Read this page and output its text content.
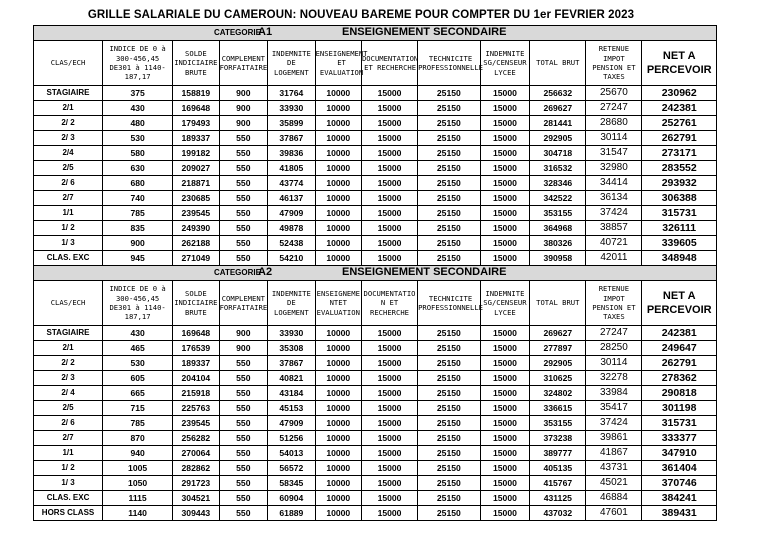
GRILLE SALARIALE DU CAMEROUN: NOUVEAU BAREME POUR COMPTER DU 1er FEVRIER 2023
CATEGORIE
A1 ENSEIGNEMENT SECONDAIRE											

CLAS/ECH	INDICE DE 0 à 300-456,45 DE301 à 1140- 187,17	SOLDE INDICIAIRE BRUTE	COMPLEMENT FORFAITAIRE	INDEMNITE DE LOGEMENT	ENSEIGNEMENT ET EVALUATION	DOCUMENTATION ET RECHERCHE	TECHNICITE PROFESSIONNELLE	INDEMNITE SG/CENSEUR LYCEE	TOTAL BRUT	RETENUE IMPOT PENSION ET TAXES	NET A PERCEVOIR
STAGIAIRE	375	158819	900	31764	10000	15000	25150	15000	256632	25670	230962
2/1	430	169648	900	33930	10000	15000	25150	15000	269627	27247	242381
2/ 2	480	179493	900	35899	10000	15000	25150	15000	281441	28680	252761
2/ 3	530	189337	550	37867	10000	15000	25150	15000	292905	30114	262791
2/4	580	199182	550	39836	10000	15000	25150	15000	304718	31547	273171
2/5	630	209027	550	41805	10000	15000	25150	15000	316532	32980	283552
2/ 6	680	218871	550	43774	10000	15000	25150	15000	328346	34414	293932
2/7	740	230685	550	46137	10000	15000	25150	15000	342522	36134	306388
1/1	785	239545	550	47909	10000	15000	25150	15000	353155	37424	315731
1/ 2	835	249390	550	49878	10000	15000	25150	15000	364968	38857	326111
1/ 3	900	262188	550	52438	10000	15000	25150	15000	380326	40721	339605
CLAS. EXC	945	271049	550	54210	10000	15000	25150	15000	390958	42011	348948

CATEGORIE
A2 ENSEIGNEMENT SECONDAIRE											

CLAS/ECH	INDICE DE 0 à 300-456,45 DE301 à 1140- 187,17	SOLDE INDICIAIRE BRUTE	COMPLEMENT FORFAITAIRE	INDEMNITE DE LOGEMENT	ENSEIGNEME NTET EVALUATION	DOCUMENTATIO N ET RECHERCHE	TECHNICITE PROFESSIONNELLE	INDEMNITE SG/CENSEUR LYCEE	TOTAL BRUT	RETENUE IMPOT PENSION ET TAXES	NET A PERCEVOIR
STAGIAIRE	430	169648	900	33930	10000	15000	25150	15000	269627	27247	242381
2/1	465	176539	900	35308	10000	15000	25150	15000	277897	28250	249647
2/ 2	530	189337	550	37867	10000	15000	25150	15000	292905	30114	262791
2/ 3	605	204104	550	40821	10000	15000	25150	15000	310625	32278	278362
2/ 4	665	215918	550	43184	10000	15000	25150	15000	324802	33984	290818
2/5	715	225763	550	45153	10000	15000	25150	15000	336615	35417	301198
2/ 6	785	239545	550	47909	10000	15000	25150	15000	353155	37424	315731
2/7	870	256282	550	51256	10000	15000	25150	15000	373238	39861	333377
1/1	940	270064	550	54013	10000	15000	25150	15000	389777	41867	347910
1/ 2	1005	282862	550	56572	10000	15000	25150	15000	405135	43731	361404
1/ 3	1050	291723	550	58345	10000	15000	25150	15000	415767	45021	370746
CLAS. EXC	1115	304521	550	60904	10000	15000	25150	15000	431125	46884	384241
HORS CLASS	1140	309443	550	61889	10000	15000	25150	15000	437032	47601	389431
